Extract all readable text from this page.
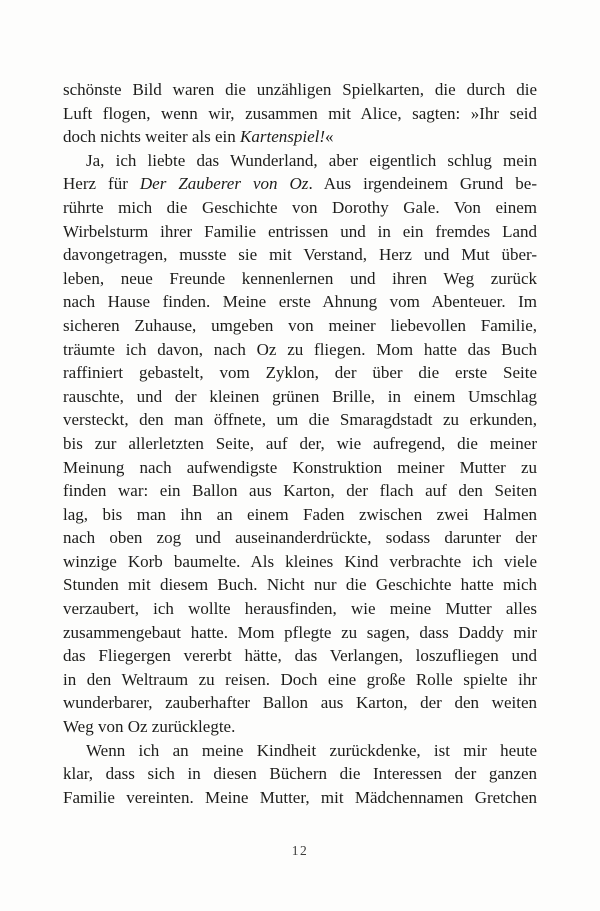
schönste Bild waren die unzähligen Spielkarten, die durch die
Luft flogen, wenn wir, zusammen mit Alice, sagten: »Ihr seid
doch nichts weiter als ein Kartenspiel!«
Ja, ich liebte das Wunderland, aber eigentlich schlug mein
Herz für Der Zauberer von Oz. Aus irgendeinem Grund be-
rührte mich die Geschichte von Dorothy Gale. Von einem
Wirbelsturm ihrer Familie entrissen und in ein fremdes Land
davongetragen, musste sie mit Verstand, Herz und Mut über-
leben, neue Freunde kennenlernen und ihren Weg zurück
nach Hause finden. Meine erste Ahnung vom Abenteuer. Im
sicheren Zuhause, umgeben von meiner liebevollen Familie,
träumte ich davon, nach Oz zu fliegen. Mom hatte das Buch
raffiniert gebastelt, vom Zyklon, der über die erste Seite
rauschte, und der kleinen grünen Brille, in einem Umschlag
versteckt, den man öffnete, um die Smaragdstadt zu erkunden,
bis zur allerletzten Seite, auf der, wie aufregend, die meiner
Meinung nach aufwendigste Konstruktion meiner Mutter zu
finden war: ein Ballon aus Karton, der flach auf den Seiten
lag, bis man ihn an einem Faden zwischen zwei Halmen
nach oben zog und auseinanderdrückte, sodass darunter der
winzige Korb baumelte. Als kleines Kind verbrachte ich viele
Stunden mit diesem Buch. Nicht nur die Geschichte hatte mich
verzaubert, ich wollte herausfinden, wie meine Mutter alles
zusammengebaut hatte. Mom pflegte zu sagen, dass Daddy mir
das Fliegergen vererbt hätte, das Verlangen, loszufliegen und
in den Weltraum zu reisen. Doch eine große Rolle spielte ihr
wunderbarer, zauberhafter Ballon aus Karton, der den weiten
Weg von Oz zurücklegte.
Wenn ich an meine Kindheit zurückdenke, ist mir heute
klar, dass sich in diesen Büchern die Interessen der ganzen
Familie vereinten. Meine Mutter, mit Mädchennamen Gretchen
12
